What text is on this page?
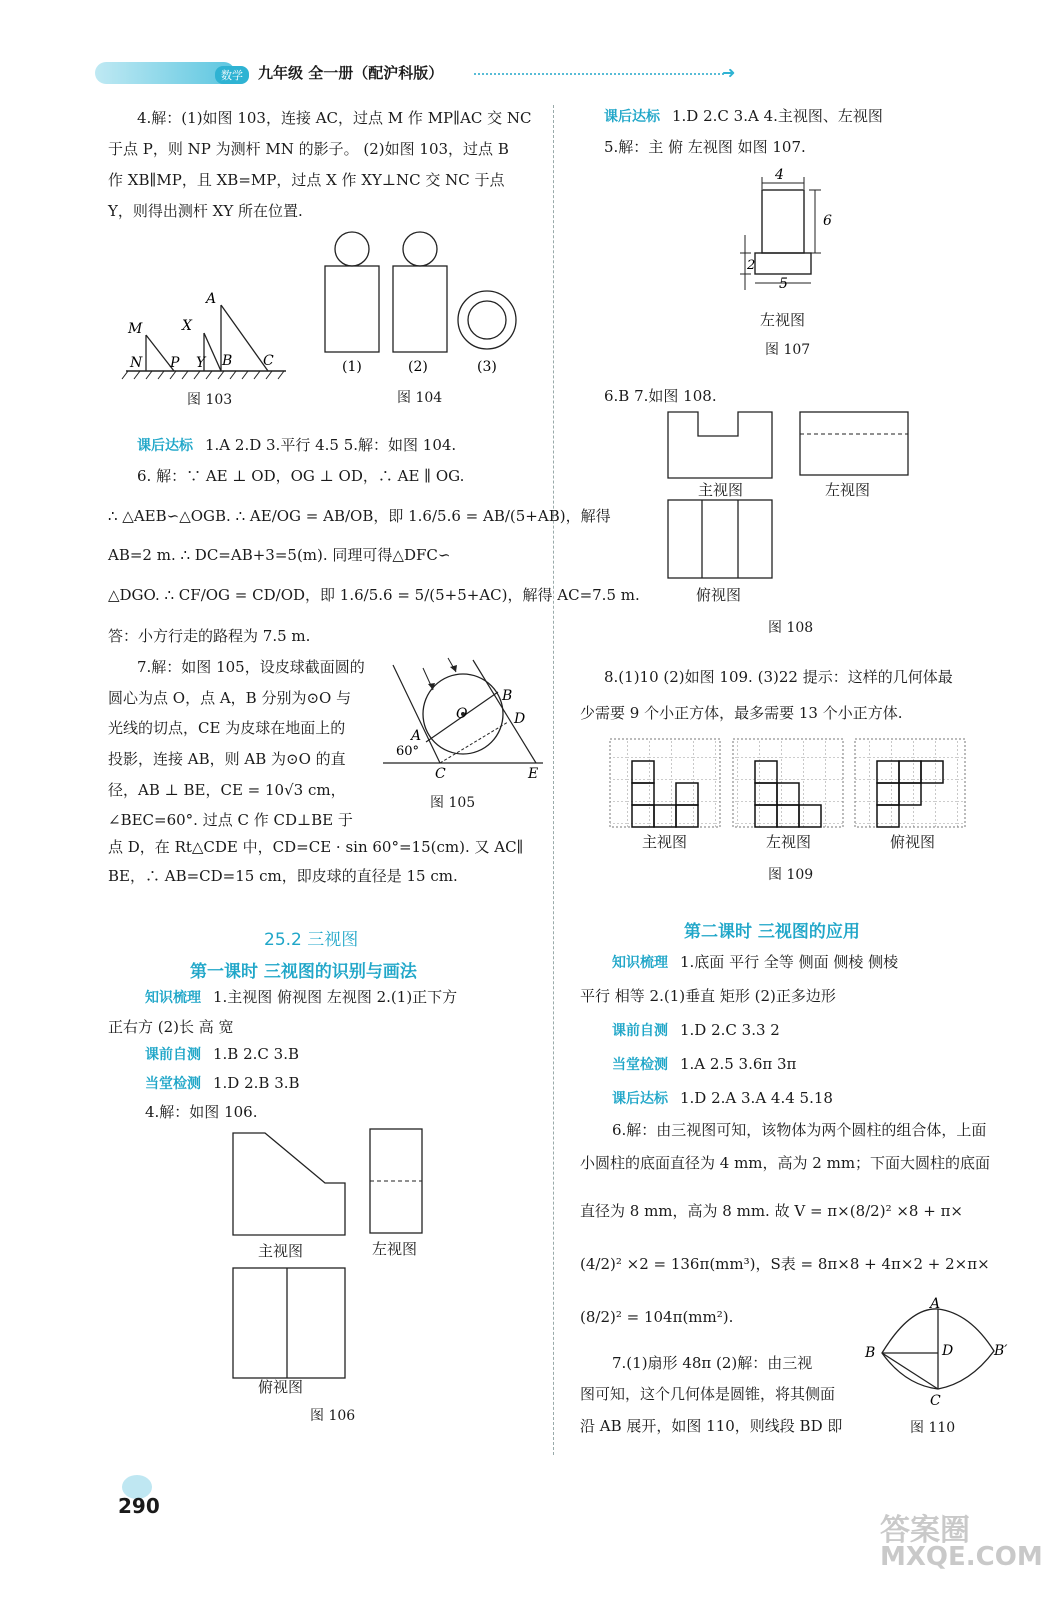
数学	九年级 全一册（配沪科版）	➜
4.解：(1)如图 103，连接 AC，过点 M 作 MP∥AC 交 NC
于点 P，则 NP 为测杆 MN 的影子。 (2)如图 103，过点 B
作 XB∥MP，且 XB=MP，过点 X 作 XY⊥NC 交 NC 于点
Y，则得出测杆 XY 所在位置.
M
N P
X
Y B
A
C
图 103
(1)	(2)	(3)
图 104
课后达标 1.A 2.D 3.平行 4.5 5.解：如图 104.
6. 解：∵ AE ⊥ OD，OG ⊥ OD，∴ AE ∥ OG.
∴ △AEB∽△OGB. ∴ AE/OG = AB/OB，即 1.6/5.6 = AB/(5+AB)，解得
AB=2 m. ∴ DC=AB+3=5(m). 同理可得△DFC∽
△DGO. ∴ CF/OG = CD/OD，即 1.6/5.6 = 5/(5+5+AC)，解得 AC=7.5 m.
答：小方行走的路程为 7.5 m.
7.解：如图 105，设皮球截面圆的
圆心为点 O，点 A，B 分别为⊙O 与
光线的切点，CE 为皮球在地面上的
投影，连接 AB，则 AB 为⊙O 的直
径，AB ⊥ BE，CE = 10√3 cm，
∠BEC=60°. 过点 C 作 CD⊥BE 于
点 D，在 Rt△CDE 中，CD=CE · sin 60°=15(cm). 又 AC∥
BE，∴ AB=CD=15 cm，即皮球的直径是 15 cm.
O
A
B
D
C	E
60°
图 105
25.2 三视图
第一课时 三视图的识别与画法
知识梳理 1.主视图 俯视图 左视图 2.(1)正下方
正右方 (2)长 高 宽
课前自测 1.B 2.C 3.B
当堂检测 1.D 2.B 3.B
4.解：如图 106.
主视图	左视图
俯视图
图 106
课后达标 1.D 2.C 3.A 4.主视图、左视图
5.解：主 俯 左视图 如图 107.
4
6
2
5
左视图
图 107
6.B 7.如图 108.
主视图	左视图
俯视图
图 108
8.(1)10 (2)如图 109. (3)22 提示：这样的几何体最
少需要 9 个小正方体，最多需要 13 个小正方体.
主视图	左视图	俯视图
图 109
第二课时 三视图的应用
知识梳理 1.底面 平行 全等 侧面 侧棱 侧棱
平行 相等 2.(1)垂直 矩形 (2)正多边形
课前自测 1.D 2.C 3.3 2
当堂检测 1.A 2.5 3.6π 3π
课后达标 1.D 2.A 3.A 4.4 5.18
6.解：由三视图可知，该物体为两个圆柱的组合体，上面
小圆柱的底面直径为 4 mm，高为 2 mm；下面大圆柱的底面
直径为 8 mm，高为 8 mm. 故 V = π×(8/2)² ×8 + π×
(4/2)² ×2 = 136π(mm³)，S表 = 8π×8 + 4π×2 + 2×π×
(8/2)² = 104π(mm²).
7.(1)扇形 48π (2)解：由三视
图可知，这个几何体是圆锥，将其侧面
沿 AB 展开，如图 110，则线段 BD 即
A
B	D	B′
C
图 110
290
答案圈
MXQE.COM
